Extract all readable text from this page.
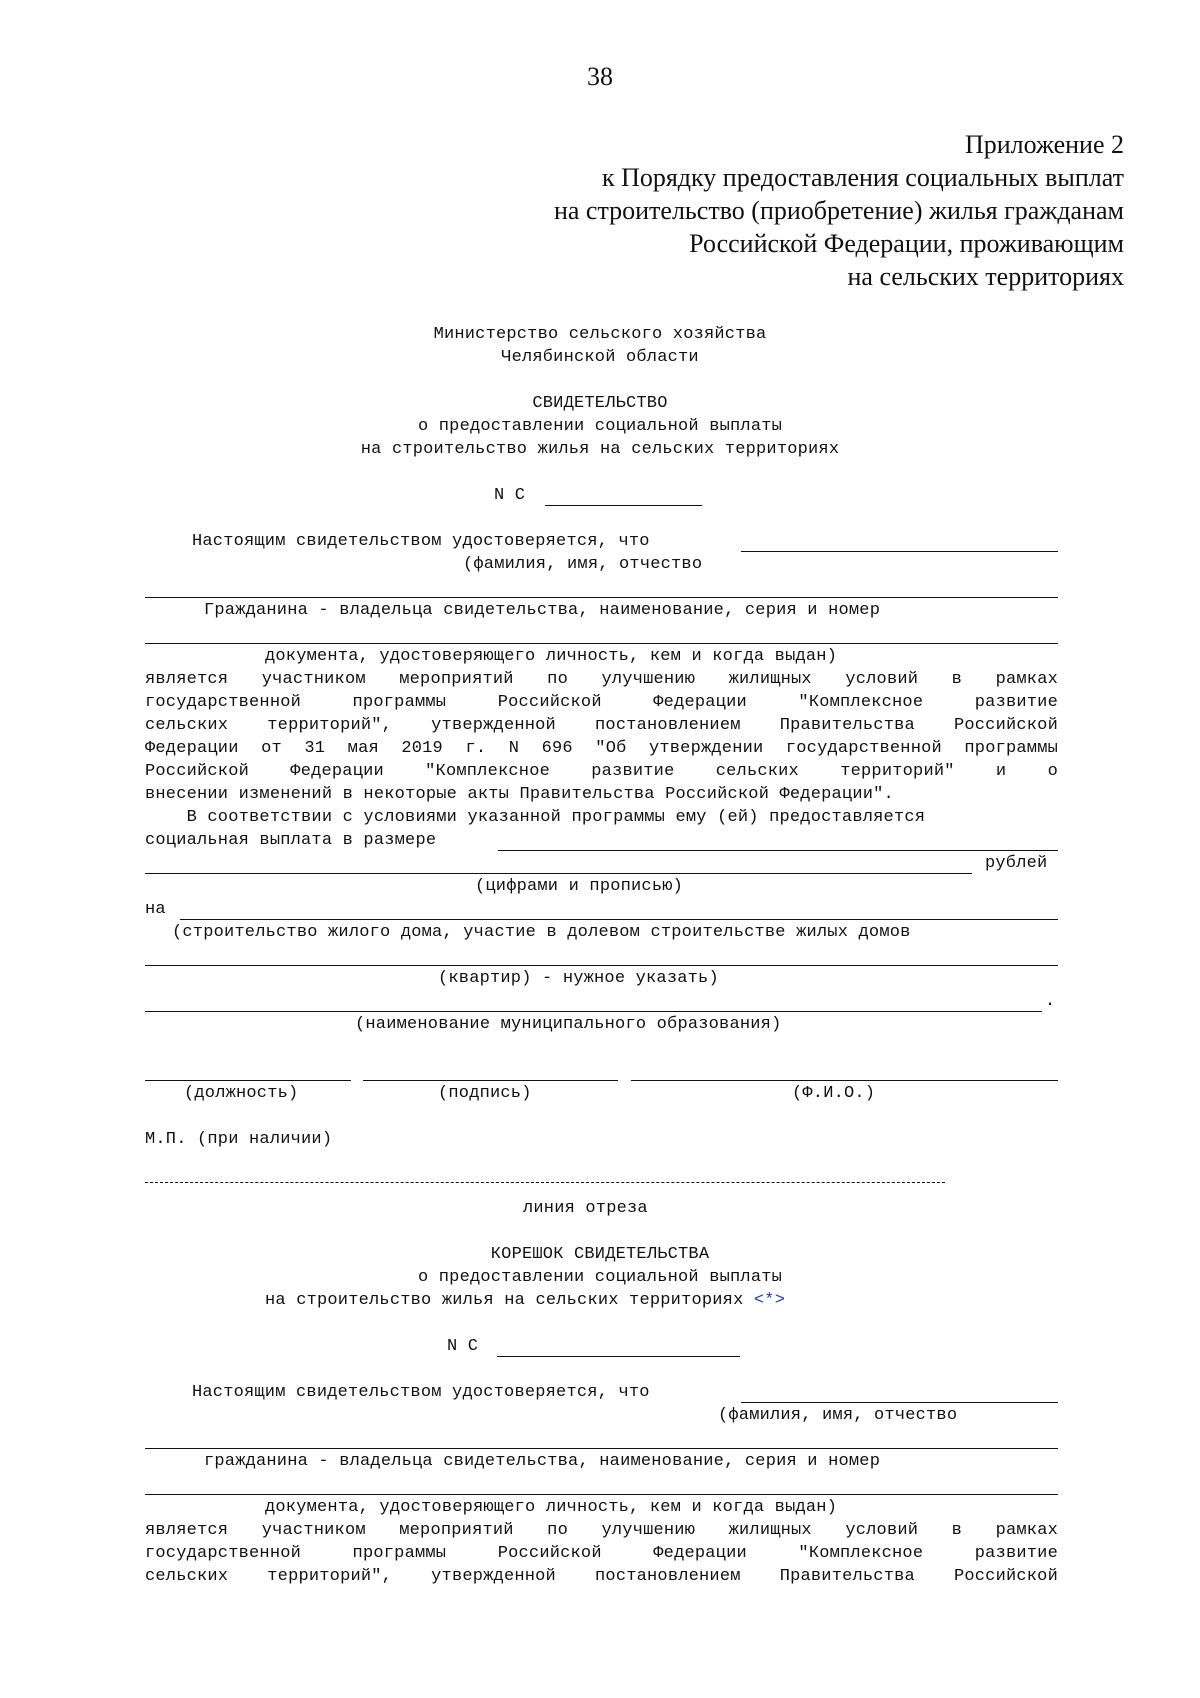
38
Приложение 2
к Порядку предоставления социальных выплат
на строительство (приобретение) жилья гражданам
Российской Федерации, проживающим
на сельских территориях
Министерство сельского хозяйства
Челябинской области
СВИДЕТЕЛЬСТВО
о предоставлении социальной выплаты
на строительство жилья на сельских территориях
N С
Настоящим свидетельством удостоверяется, что
(фамилия, имя, отчество
Гражданина - владельца свидетельства, наименование, серия и номер
документа, удостоверяющего личность, кем и когда выдан)
является участником мероприятий по улучшению жилищных условий в рамках
государственной программы Российской Федерации "Комплексное развитие
сельских территорий", утвержденной постановлением Правительства Российской
Федерации от 31 мая 2019 г. N 696 "Об утверждении государственной программы
Российской Федерации "Комплексное развитие сельских территорий" и о
внесении изменений в некоторые акты Правительства Российской Федерации".
В соответствии с условиями указанной программы ему (ей) предоставляется
социальная выплата в размере
рублей
(цифрами и прописью)
на
(строительство жилого дома, участие в долевом строительстве жилых домов
(квартир) - нужное указать)
.
(наименование муниципального образования)
(должность)	(подпись)	(Ф.И.О.)
М.П. (при наличии)
линия отреза
КОРЕШОК СВИДЕТЕЛЬСТВА
о предоставлении социальной выплаты
на строительство жилья на сельских территориях <*>
N С
Настоящим свидетельством удостоверяется, что
(фамилия, имя, отчество
гражданина - владельца свидетельства, наименование, серия и номер
документа, удостоверяющего личность, кем и когда выдан)
является участником мероприятий по улучшению жилищных условий в рамках
государственной программы Российской Федерации "Комплексное развитие
сельских территорий", утвержденной постановлением Правительства Российской
